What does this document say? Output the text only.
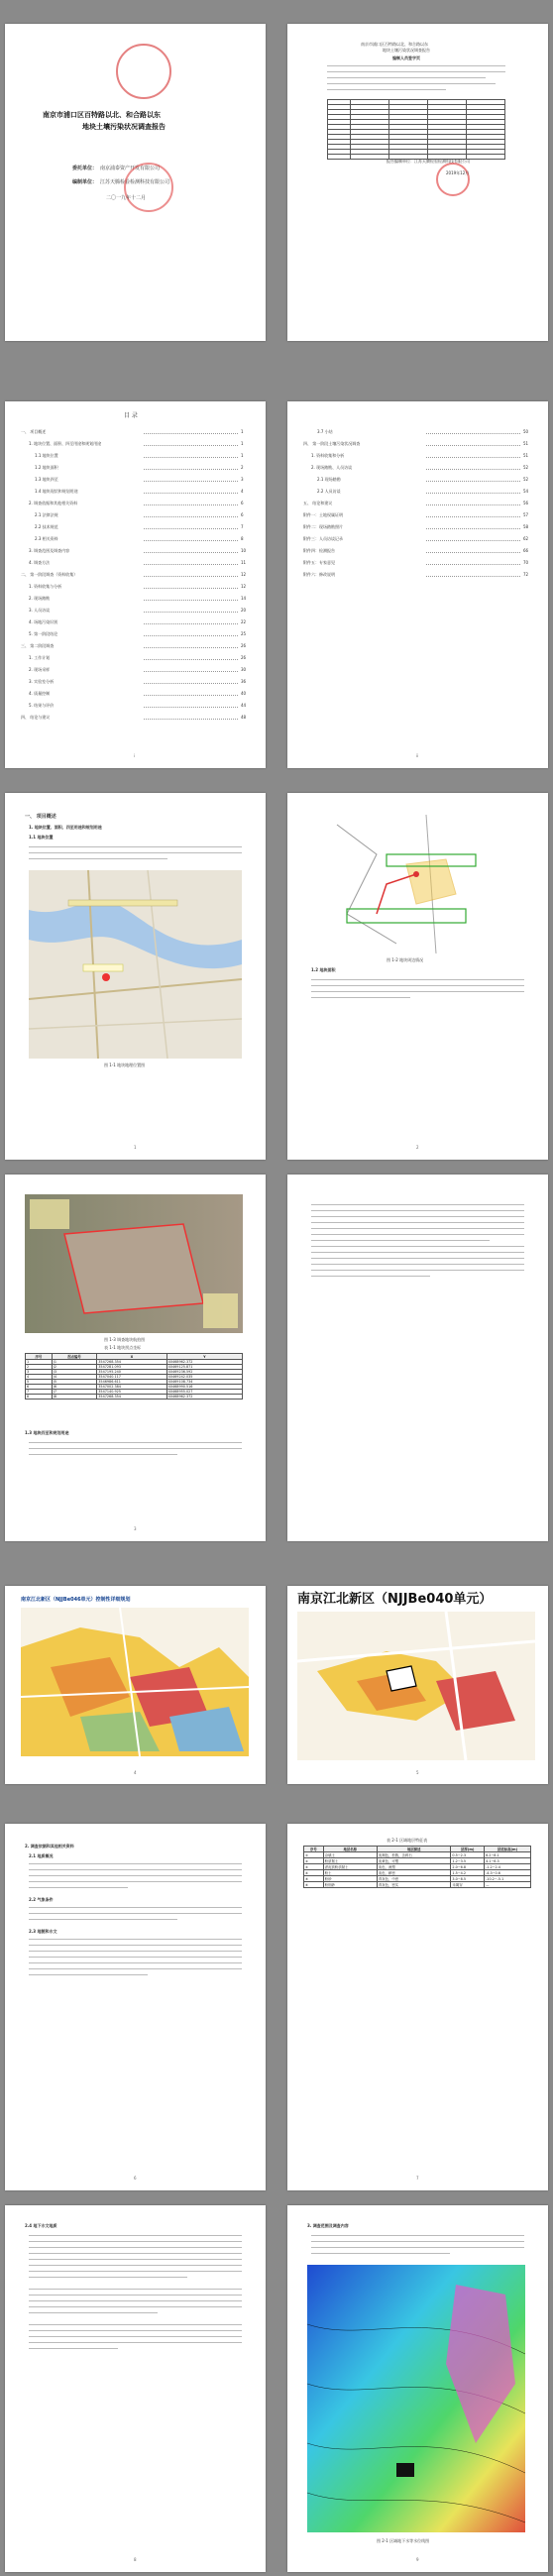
南京市浦口区百特路以北、和合路以东
地块土壤污染状况调查报告
委托单位： 南京浦泰资产开发有限公司
编制单位： 江苏天腾检验检测科技有限公司
二〇一九年十二月
南京市浦口区百特路以北、和合路以东
地块土壤污染状况调查报告
编制人员签字页

报告编制单位：江苏天腾检验检测科技有限公司
2019年12月
目 录
一、 项目概述	1
1. 地块位置、面积、四至用途和规划用途	1
1.1 地块位置	1
1.2 地块面积	2
1.3 地块四至	3
1.4 地块现状和规划用途	4
2. 调查依据和其他相关资料	6
2.1 法律法规	6
2.2 技术规范	7
2.3 相关资料	8
3. 调查范围及调查内容	10
4. 调查方法	11
二、 第一阶段调查（资料收集）	12
1. 资料收集与分析	12
2. 现场踏勘	14
3. 人员访谈	20
4. 场地污染识别	22
5. 第一阶段结论	25
三、 第二阶段调查	26
1. 工作计划	26
2. 现场采样	30
3. 实验室分析	36
4. 质量控制	40
5. 结果与评价	44
四、 结论与建议	48
i
3.7 小结	50
四、 第一阶段土壤污染状况调查	51
1. 资料收集和分析	51
2. 现场踏勘、人员访谈	52
2.1 现场踏勘	52
2.2 人员访谈	54
五、 结论和建议	56
附件一：土地权属证明	57
附件二：现场踏勘照片	58
附件三：人员访谈记录	62
附件四：检测报告	66
附件五：专家意见	70
附件六：修改说明	72
ii
一、 项目概述
1. 地块位置、面积、四至用途和规划用途
1.1 地块位置
图 1-1 地块地理位置图
1
图 1-2 地块周边情况
1.2 地块面积
2
图 1-3 调查地块航拍图
表 1-1 地块拐点坐标
序号	拐点编号	X	Y
1	J1	3547268.354	40468962.372
2	J2	3547281.093	40469125.871
3	J3	3547195.240	40469236.592
4	J4	3547040.117	40469242.035
5	J5	3546986.611	40469108.734
6	J6	3547002.384	40468990.516
7	J7	3547140.925	40468955.027
8	J8	3547268.354	40468962.372
1.3 地块四至和规划用途
3
南京江北新区（NJJBe046单元）控制性详细规划
4
南京江北新区（NJJBe040单元）
5
2. 调查依据和其他相关资料
2.1 地质概况
2.2 气象条件
2.3 地貌和水文
6
表 2-1 区域地层特征表
序号	地层名称	地层描述	层厚(m)	层底标高(m)
①	杂填土	灰褐色，松散，含碎石	0.5~2.3	6.2~8.1
②	粉质黏土	灰黄色，可塑	1.2~3.5	4.1~6.3
③	淤泥质粉质黏土	灰色，流塑	2.0~6.8	-1.2~2.4
④	粉土	灰色，稍密	1.5~4.2	-4.3~0.6
⑤	粉砂	青灰色，中密	3.0~8.5	-10.2~-5.1
⑥	粉细砂	青灰色，密实	未揭穿	—
7
2.4 地下水文地质
8
3. 调查范围及调查内容
图 2-1 区域地下水等水位线图
9
